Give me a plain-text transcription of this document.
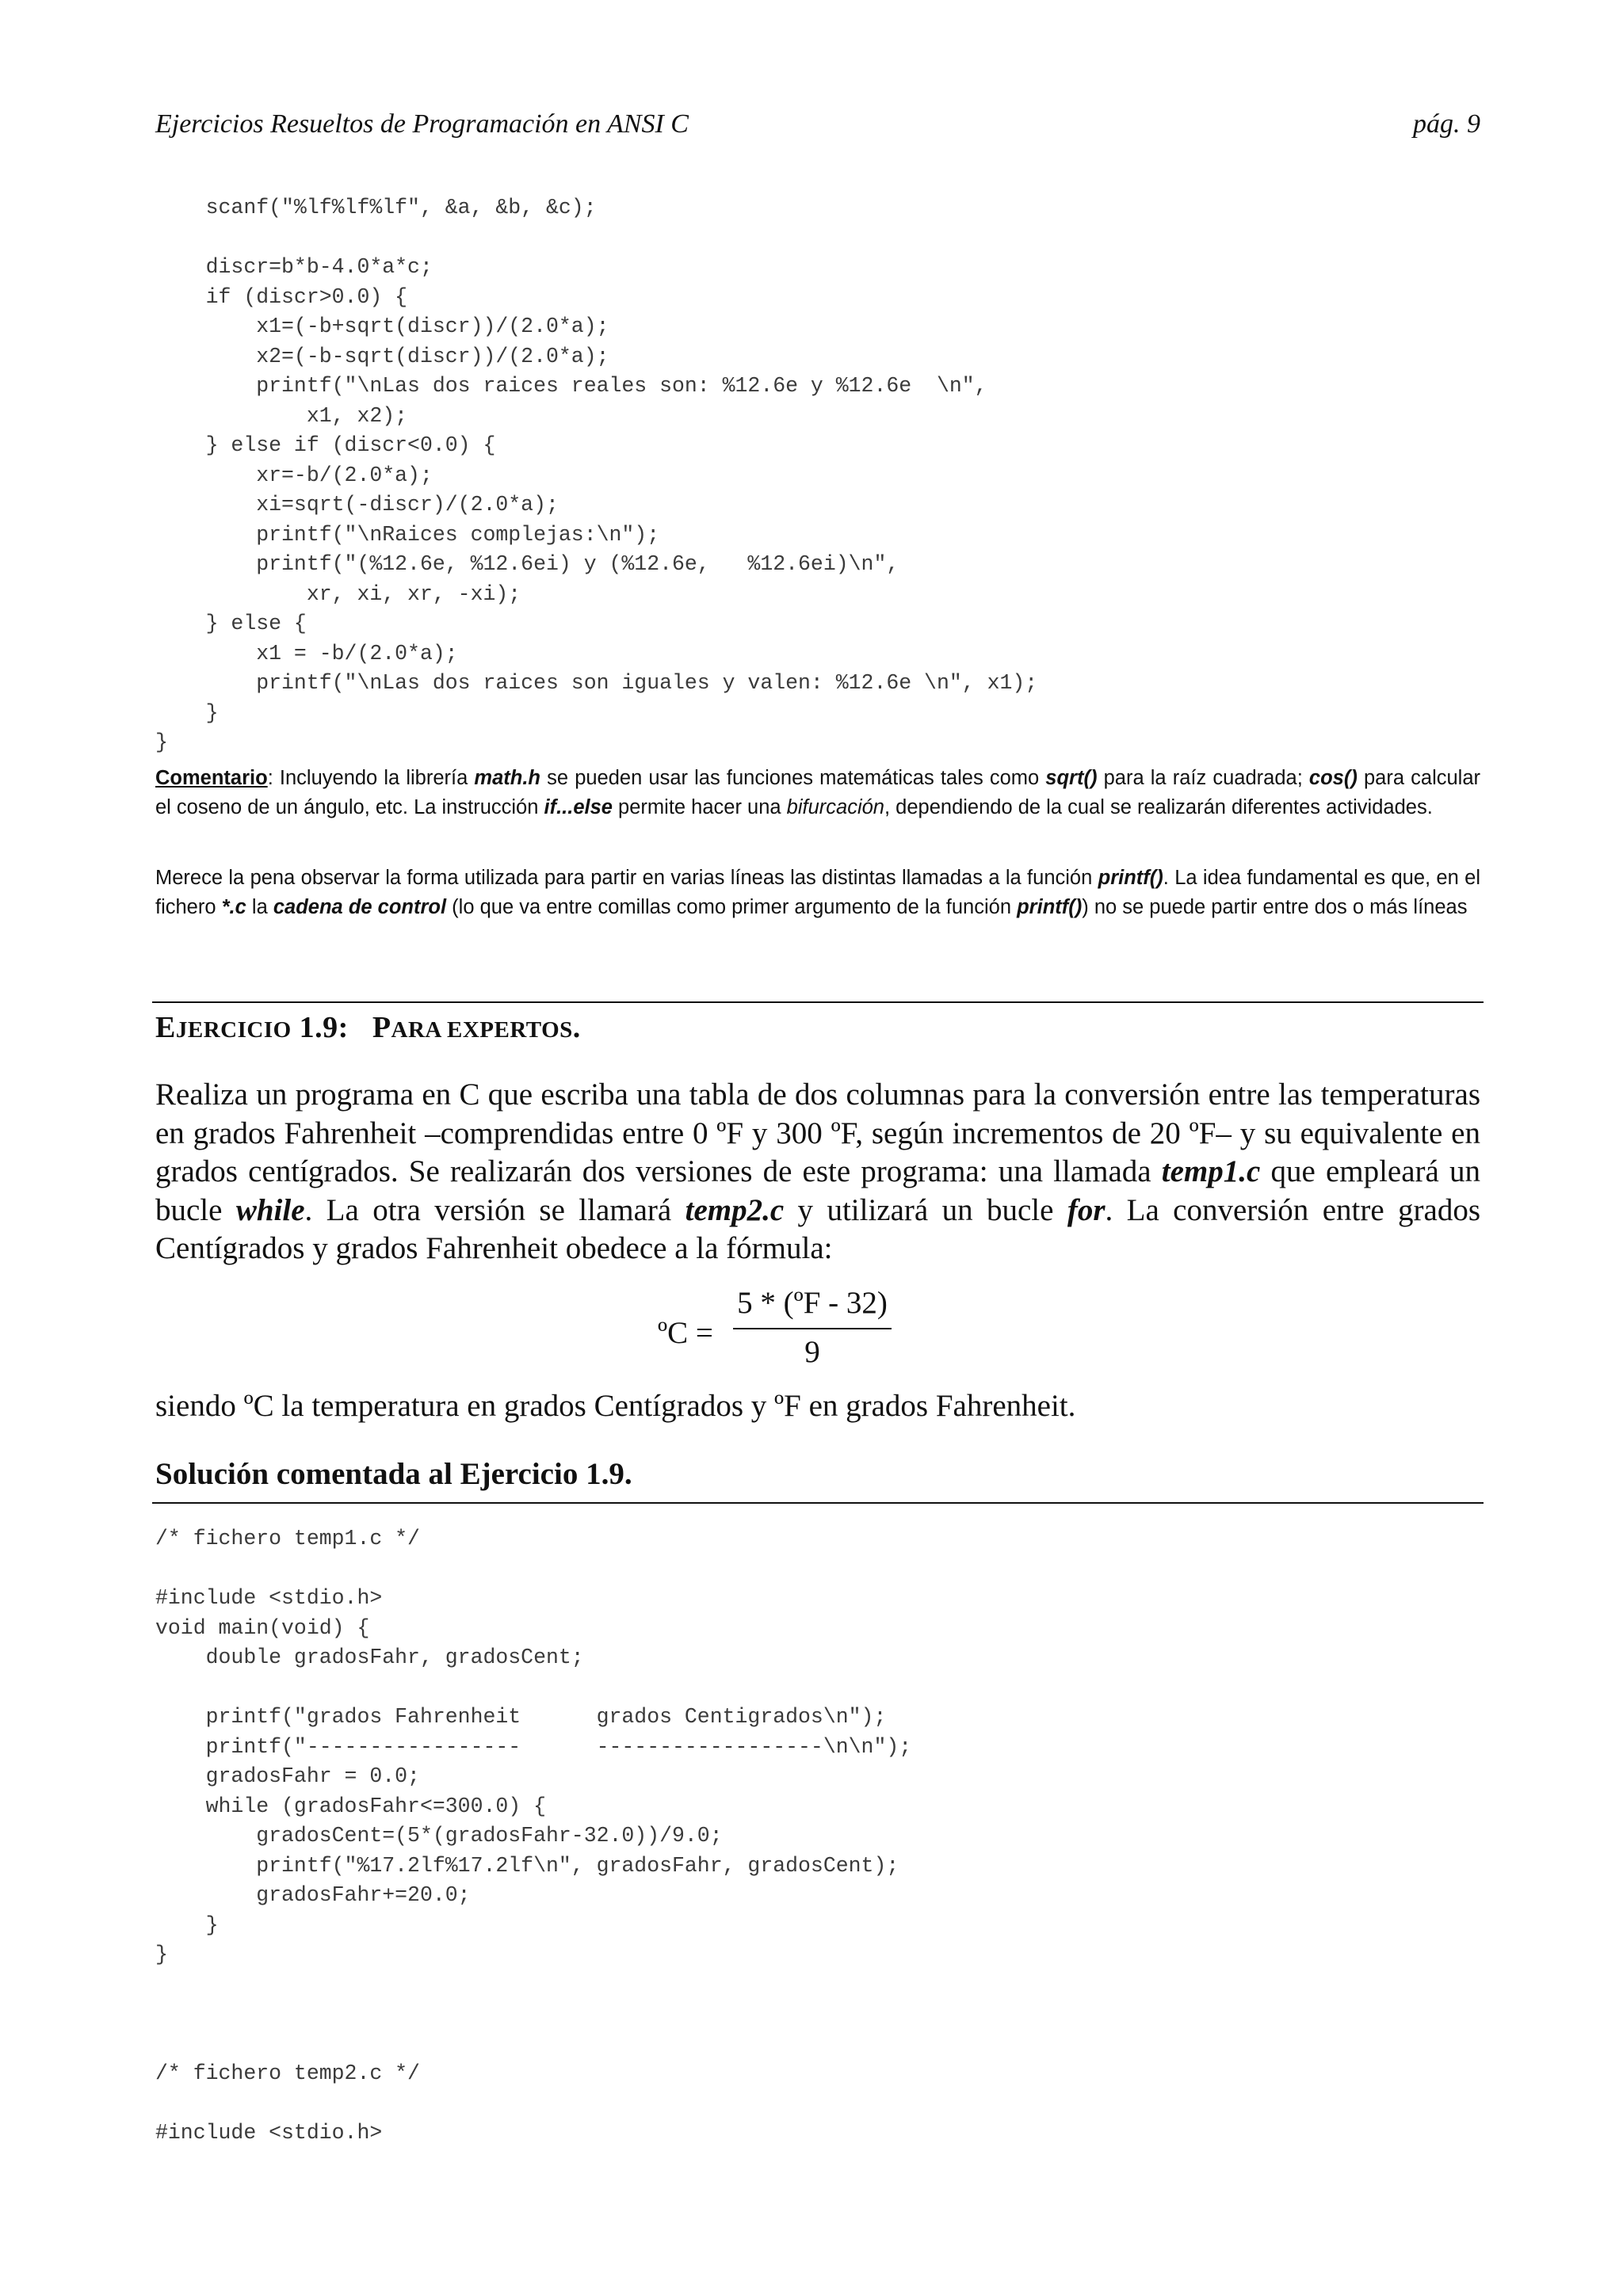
Ejercicios Resueltos de Programación en ANSI C	pág. 9
scanf("%lf%lf%lf", &a, &b, &c);

discr=b*b-4.0*a*c;
if (discr>0.0) {
x1=(-b+sqrt(discr))/(2.0*a);
x2=(-b-sqrt(discr))/(2.0*a);
printf("\nLas dos raices reales son: %12.6e y %12.6e  \n",
x1, x2);
} else if (discr<0.0) {
xr=-b/(2.0*a);
xi=sqrt(-discr)/(2.0*a);
printf("\nRaices complejas:\n");
printf("(%12.6e, %12.6ei) y (%12.6e,   %12.6ei)\n",
xr, xi, xr, -xi);
} else {
x1 = -b/(2.0*a);
printf("\nLas dos raices son iguales y valen: %12.6e \n", x1);
}
}
Comentario: Incluyendo la librería math.h se pueden usar las funciones matemáticas tales como sqrt() para la raíz cuadrada; cos() para calcular el coseno de un ángulo, etc. La instrucción if...else permite hacer una bifurcación, dependiendo de la cual se realizarán diferentes actividades.
Merece la pena observar la forma utilizada para partir en varias líneas las distintas llamadas a la función printf(). La idea fundamental es que, en el fichero *.c la cadena de control (lo que va entre comillas como primer argumento de la función printf()) no se puede partir entre dos o más líneas
EJERCICIO 1.9: PARA EXPERTOS.
Realiza un programa en C que escriba una tabla de dos columnas para la conversión entre las temperaturas en grados Fahrenheit –comprendidas entre 0 ºF y 300 ºF, según incrementos de 20 ºF– y su equivalente en grados centígrados. Se realizarán dos versiones de este programa: una llamada temp1.c que empleará un bucle while. La otra versión se llamará temp2.c y utilizará un bucle for. La conversión entre grados Centígrados y grados Fahrenheit obedece a la fórmula:
ºC =
5 * (ºF - 32)
9
siendo ºC la temperatura en grados Centígrados y ºF en grados Fahrenheit.
Solución comentada al Ejercicio 1.9.
/* fichero temp1.c */

#include <stdio.h>
void main(void) {
double gradosFahr, gradosCent;

printf("grados Fahrenheit      grados Centigrados\n");
printf("-----------------      ------------------\n\n");
gradosFahr = 0.0;
while (gradosFahr<=300.0) {
gradosCent=(5*(gradosFahr-32.0))/9.0;
printf("%17.2lf%17.2lf\n", gradosFahr, gradosCent);
gradosFahr+=20.0;
}
}

/* fichero temp2.c */

#include <stdio.h>
